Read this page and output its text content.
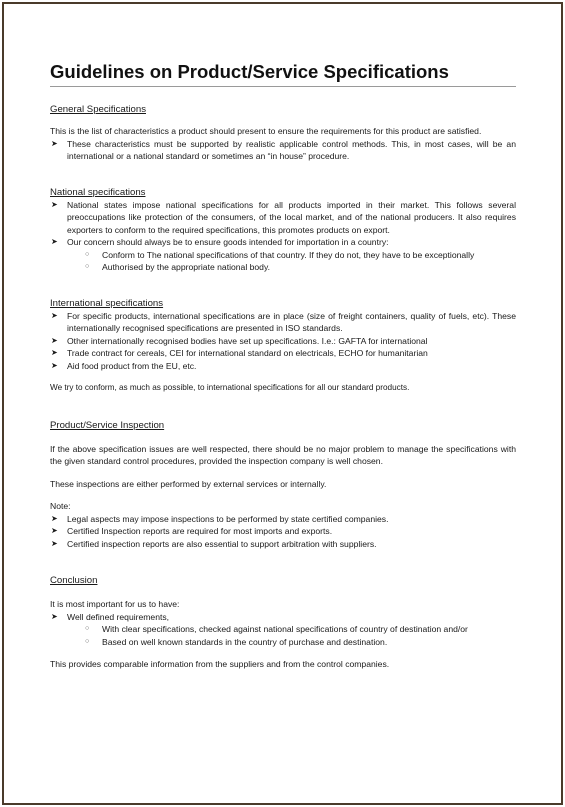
Guidelines on Product/Service Specifications
General Specifications

This is the list of characteristics a product should present to ensure the requirements for this product are satisfied.

➤ These characteristics must be supported by realistic applicable control methods. This, in most cases, will be an international or a national standard or sometimes an “in house” procedure.
National specifications
➤ National states impose national specifications for all products imported in their market. This follows several preoccupations like protection of the consumers, of the local market, and of the national producers. It also requires exporters to conform to the required specifications, this promotes products on export.
➤ Our concern should always be to ensure goods intended for importation in a country:
○ Conform to The national specifications of that country. If they do not, they have to be exceptionally
○ Authorised by the appropriate national body.
International specifications
➤ For specific products, international specifications are in place (size of freight containers, quality of fuels, etc). These internationally recognised specifications are presented in ISO standards.
➤ Other internationally recognised bodies have set up specifications. I.e.: GAFTA for international
➤ Trade contract for cereals, CEI for international standard on electricals, ECHO for humanitarian
➤ Aid food product from the EU, etc.

We try to conform, as much as possible, to international specifications for all our standard products.

Product/Service Inspection

If the above specification issues are well respected, there should be no major problem to manage the specifications with the given standard control procedures, provided the inspection company is well chosen.

These inspections are either performed by external services or internally.

Note:

➤ Legal aspects may impose inspections to be performed by state certified companies.
➤ Certified Inspection reports are required for most imports and exports.
➤ Certified inspection reports are also essential to support arbitration with suppliers.
Conclusion

It is most important for us to have:

➤ Well defined requirements,
○ With clear specifications, checked against national specifications of country of destination and/or
○ Based on well known standards in the country of purchase and destination.

This provides comparable information from the suppliers and from the control companies.
